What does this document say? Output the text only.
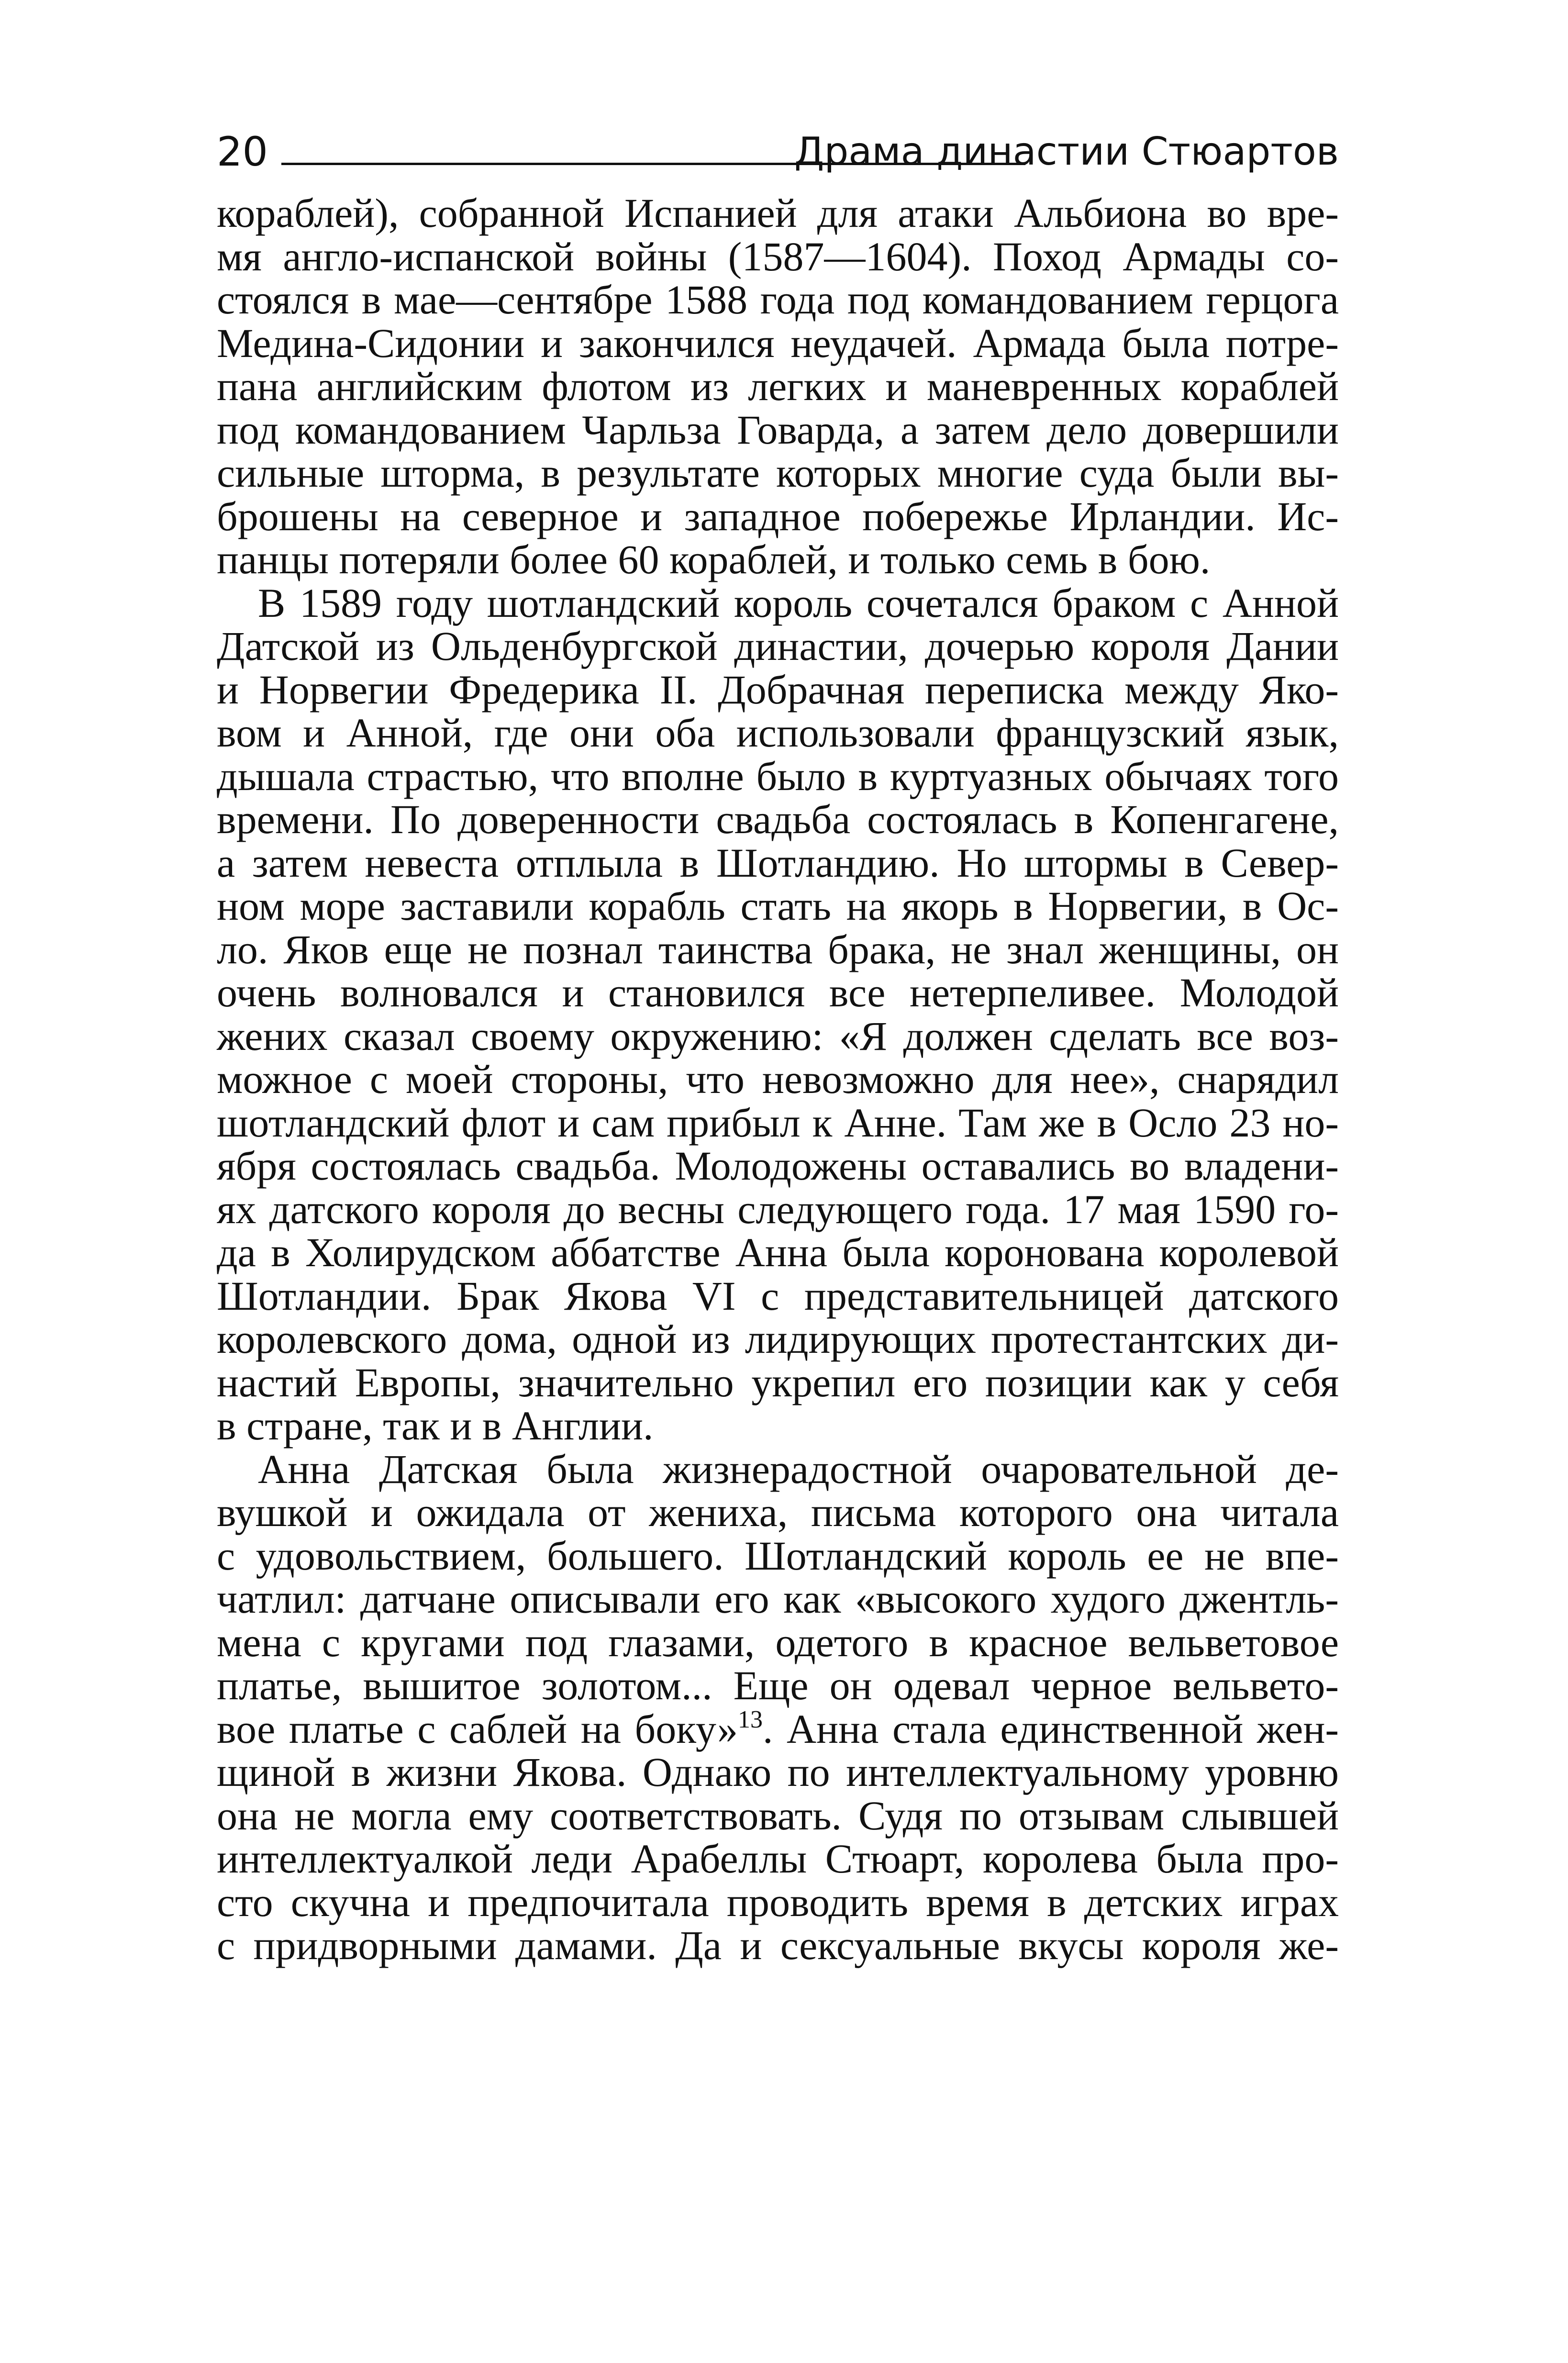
20	Драма династии Стюартов
кораблей), собранной Испанией для атаки Альбиона во вре-
мя англо-испанской войны (1587—1604). Поход Армады со-
стоялся в мае—сентябре 1588 года под командованием герцога
Медина-Сидонии и закончился неудачей. Армада была потре-
пана английским флотом из легких и маневренных кораблей
под командованием Чарльза Говарда, а затем дело довершили
сильные шторма, в результате которых многие суда были вы-
брошены на северное и западное побережье Ирландии. Ис-
панцы потеряли более 60 кораблей, и только семь в бою.
В 1589 году шотландский король сочетался браком с Анной
Датской из Ольденбургской династии, дочерью короля Дании
и Норвегии Фредерика II. Добрачная переписка между Яко-
вом и Анной, где они оба использовали французский язык,
дышала страстью, что вполне было в куртуазных обычаях того
времени. По доверенности свадьба состоялась в Копенгагене,
а затем невеста отплыла в Шотландию. Но штормы в Север-
ном море заставили корабль стать на якорь в Норвегии, в Ос-
ло. Яков еще не познал таинства брака, не знал женщины, он
очень волновался и становился все нетерпеливее. Молодой
жених сказал своему окружению: «Я должен сделать все воз-
можное с моей стороны, что невозможно для нее», снарядил
шотландский флот и сам прибыл к Анне. Там же в Осло 23 но-
ября состоялась свадьба. Молодожены оставались во владени-
ях датского короля до весны следующего года. 17 мая 1590 го-
да в Холирудском аббатстве Анна была коронована королевой
Шотландии. Брак Якова VI с представительницей датского
королевского дома, одной из лидирующих протестантских ди-
настий Европы, значительно укрепил его позиции как у себя
в стране, так и в Англии.
Анна Датская была жизнерадостной очаровательной де-
вушкой и ожидала от жениха, письма которого она читала
с удовольствием, большего. Шотландский король ее не впе-
чатлил: датчане описывали его как «высокого худого джентль-
мена с кругами под глазами, одетого в красное вельветовое
платье, вышитое золотом... Еще он одевал черное вельвето-
вое платье с саблей на боку»$^{13}$. Анна стала единственной жен-
щиной в жизни Якова. Однако по интеллектуальному уровню
она не могла ему соответствовать. Судя по отзывам слывшей
интеллектуалкой леди Арабеллы Стюарт, королева была про-
сто скучна и предпочитала проводить время в детских играх
с придворными дамами. Да и сексуальные вкусы короля же-
